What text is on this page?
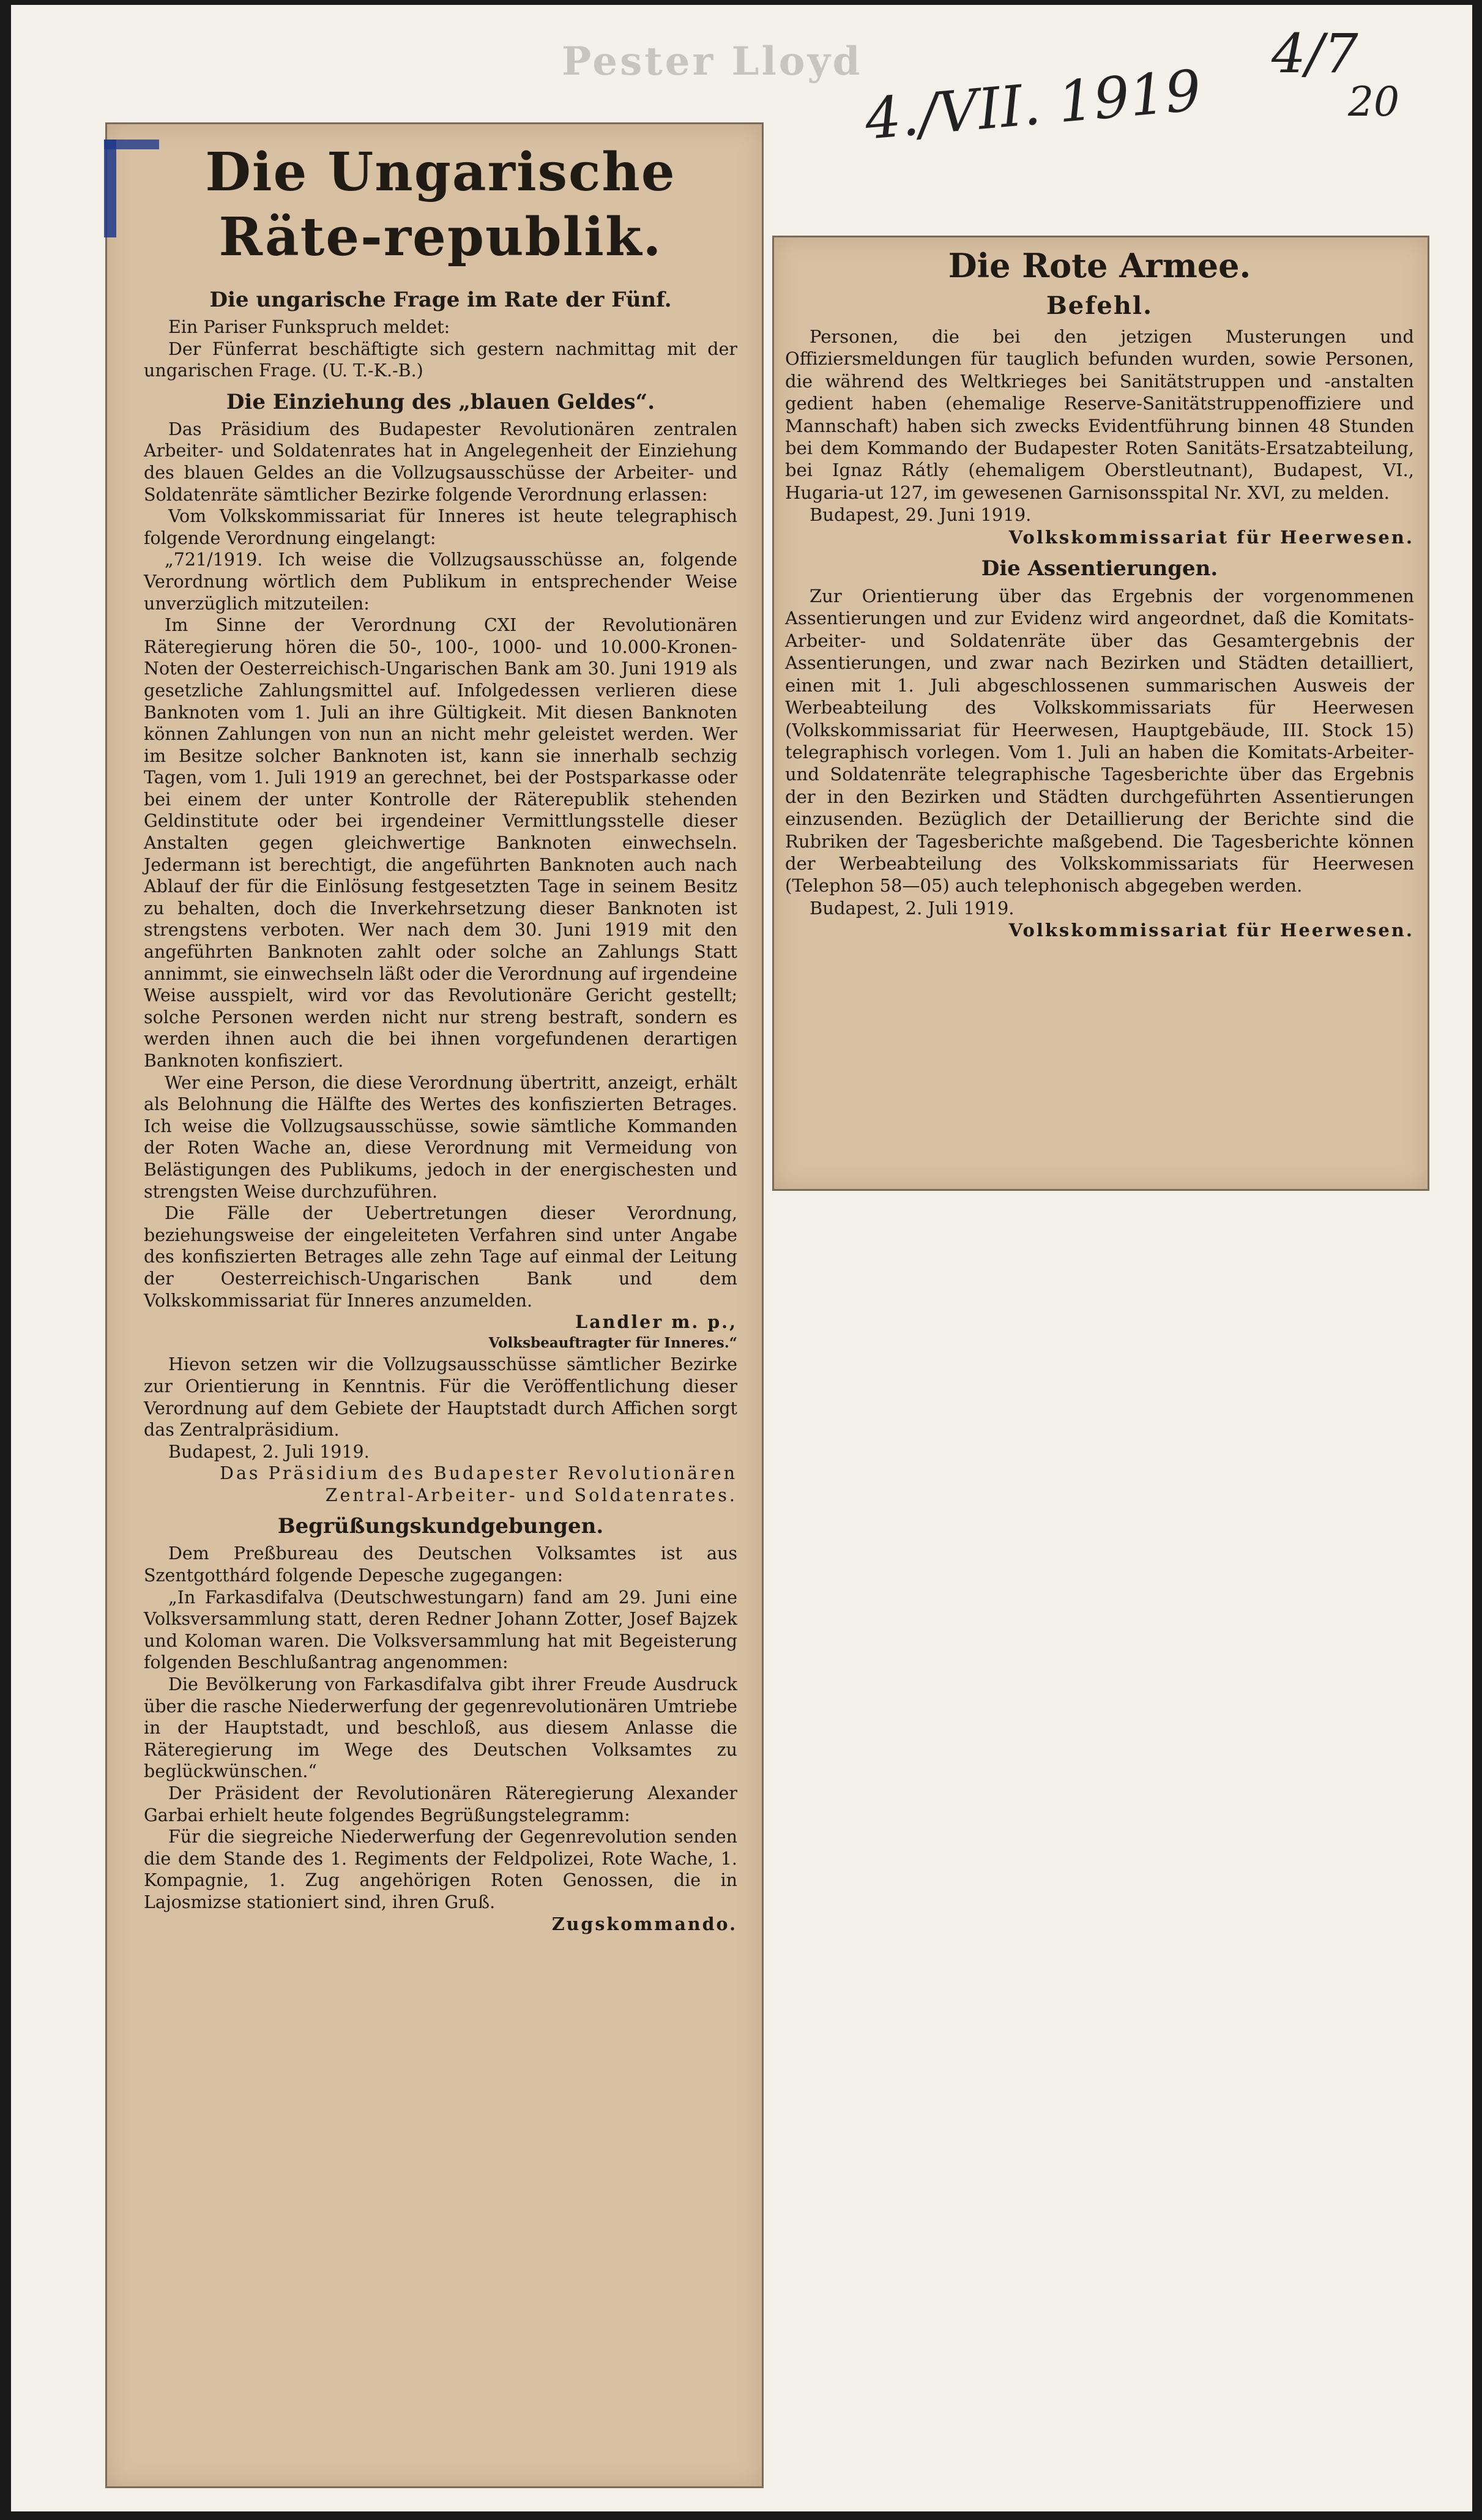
Pester Lloyd 4./VII. 1919
4/7
20
Die Ungarische Räte-republik.
Die ungarische Frage im Rate der Fünf.

Ein Pariser Funkspruch meldet:

Der Fünferrat beschäftigte sich gestern nachmittag mit der ungarischen Frage. (U. T.-K.-B.)

Die Einziehung des „blauen Geldes“.

Das Präsidium des Budapester Revolutionären zentralen Arbeiter- und Soldatenrates hat in Angelegenheit der Einziehung des blauen Geldes an die Vollzugsausschüsse der Arbeiter- und Soldatenräte sämtlicher Bezirke folgende Verordnung erlassen:

Vom Volkskommissariat für Inneres ist heute telegraphisch folgende Verordnung eingelangt:

„721/1919. Ich weise die Vollzugsausschüsse an, folgende Verordnung wörtlich dem Publikum in entsprechender Weise unverzüglich mitzuteilen:

Im Sinne der Verordnung CXI der Revolutionären Räteregierung hören die 50-, 100-, 1000- und 10.000-Kronen-Noten der Oesterreichisch-Ungarischen Bank am 30. Juni 1919 als gesetzliche Zahlungsmittel auf. Infolgedessen verlieren diese Banknoten vom 1. Juli an ihre Gültigkeit. Mit diesen Banknoten können Zahlungen von nun an nicht mehr geleistet werden. Wer im Besitze solcher Banknoten ist, kann sie innerhalb sechzig Tagen, vom 1. Juli 1919 an gerechnet, bei der Postsparkasse oder bei einem der unter Kontrolle der Räterepublik stehenden Geldinstitute oder bei irgendeiner Vermittlungsstelle dieser Anstalten gegen gleichwertige Banknoten einwechseln. Jedermann ist berechtigt, die angeführten Banknoten auch nach Ablauf der für die Einlösung festgesetzten Tage in seinem Besitz zu behalten, doch die Inverkehrsetzung dieser Banknoten ist strengstens verboten. Wer nach dem 30. Juni 1919 mit den angeführten Banknoten zahlt oder solche an Zahlungs Statt annimmt, sie einwechseln läßt oder die Verordnung auf irgendeine Weise ausspielt, wird vor das Revolutionäre Gericht gestellt; solche Personen werden nicht nur streng bestraft, sondern es werden ihnen auch die bei ihnen vorgefundenen derartigen Banknoten konfisziert.

Wer eine Person, die diese Verordnung übertritt, anzeigt, erhält als Belohnung die Hälfte des Wertes des konfiszierten Betrages. Ich weise die Vollzugsausschüsse, sowie sämtliche Kommanden der Roten Wache an, diese Verordnung mit Vermeidung von Belästigungen des Publikums, jedoch in der energischesten und strengsten Weise durchzuführen.

Die Fälle der Uebertretungen dieser Verordnung, beziehungsweise der eingeleiteten Verfahren sind unter Angabe des konfiszierten Betrages alle zehn Tage auf einmal der Leitung der Oesterreichisch-Ungarischen Bank und dem Volkskommissariat für Inneres anzumelden.

Landler m. p.,

Volksbeauftragter für Inneres.“

Hievon setzen wir die Vollzugsausschüsse sämtlicher Bezirke zur Orientierung in Kenntnis. Für die Veröffentlichung dieser Verordnung auf dem Gebiete der Hauptstadt durch Affichen sorgt das Zentralpräsidium.

Budapest, 2. Juli 1919.

Das Präsidium des Budapester Revolutionären Zentral-Arbeiter- und Soldatenrates.

Begrüßungskundgebungen.

Dem Preßbureau des Deutschen Volksamtes ist aus Szentgotthárd folgende Depesche zugegangen:

„In Farkasdifalva (Deutschwestungarn) fand am 29. Juni eine Volksversammlung statt, deren Redner Johann Zotter, Josef Bajzek und Koloman waren. Die Volksversammlung hat mit Begeisterung folgenden Beschlußantrag angenommen:

Die Bevölkerung von Farkasdifalva gibt ihrer Freude Ausdruck über die rasche Niederwerfung der gegenrevolutionären Umtriebe in der Hauptstadt, und beschloß, aus diesem Anlasse die Räteregierung im Wege des Deutschen Volksamtes zu beglückwünschen.“

Der Präsident der Revolutionären Räteregierung Alexander Garbai erhielt heute folgendes Begrüßungstelegramm:

Für die siegreiche Niederwerfung der Gegenrevolution senden die dem Stande des 1. Regiments der Feldpolizei, Rote Wache, 1. Kompagnie, 1. Zug angehörigen Roten Genossen, die in Lajosmizse stationiert sind, ihren Gruß.

Zugskommando.

Die Rote Armee.
Befehl.

Personen, die bei den jetzigen Musterungen und Offiziersmeldungen für tauglich befunden wurden, sowie Personen, die während des Weltkrieges bei Sanitätstruppen und -anstalten gedient haben (ehemalige Reserve-Sanitätstruppenoffiziere und Mannschaft) haben sich zwecks Evidentführung binnen 48 Stunden bei dem Kommando der Budapester Roten Sanitäts-Ersatzabteilung, bei Ignaz Rátly (ehemaligem Oberstleutnant), Budapest, VI., Hugaria-ut 127, im gewesenen Garnisonsspital Nr. XVI, zu melden.

Budapest, 29. Juni 1919.

Volkskommissariat für Heerwesen.

Die Assentierungen.

Zur Orientierung über das Ergebnis der vorgenommenen Assentierungen und zur Evidenz wird angeordnet, daß die Komitats-Arbeiter- und Soldatenräte über das Gesamtergebnis der Assentierungen, und zwar nach Bezirken und Städten detailliert, einen mit 1. Juli abgeschlossenen summarischen Ausweis der Werbeabteilung des Volkskommissariats für Heerwesen (Volkskommissariat für Heerwesen, Hauptgebäude, III. Stock 15) telegraphisch vorlegen. Vom 1. Juli an haben die Komitats-Arbeiter- und Soldatenräte telegraphische Tagesberichte über das Ergebnis der in den Bezirken und Städten durchgeführten Assentierungen einzusenden. Bezüglich der Detaillierung der Berichte sind die Rubriken der Tagesberichte maßgebend. Die Tagesberichte können der Werbeabteilung des Volkskommissariats für Heerwesen (Telephon 58—05) auch telephonisch abgegeben werden.

Budapest, 2. Juli 1919.

Volkskommissariat für Heerwesen.
